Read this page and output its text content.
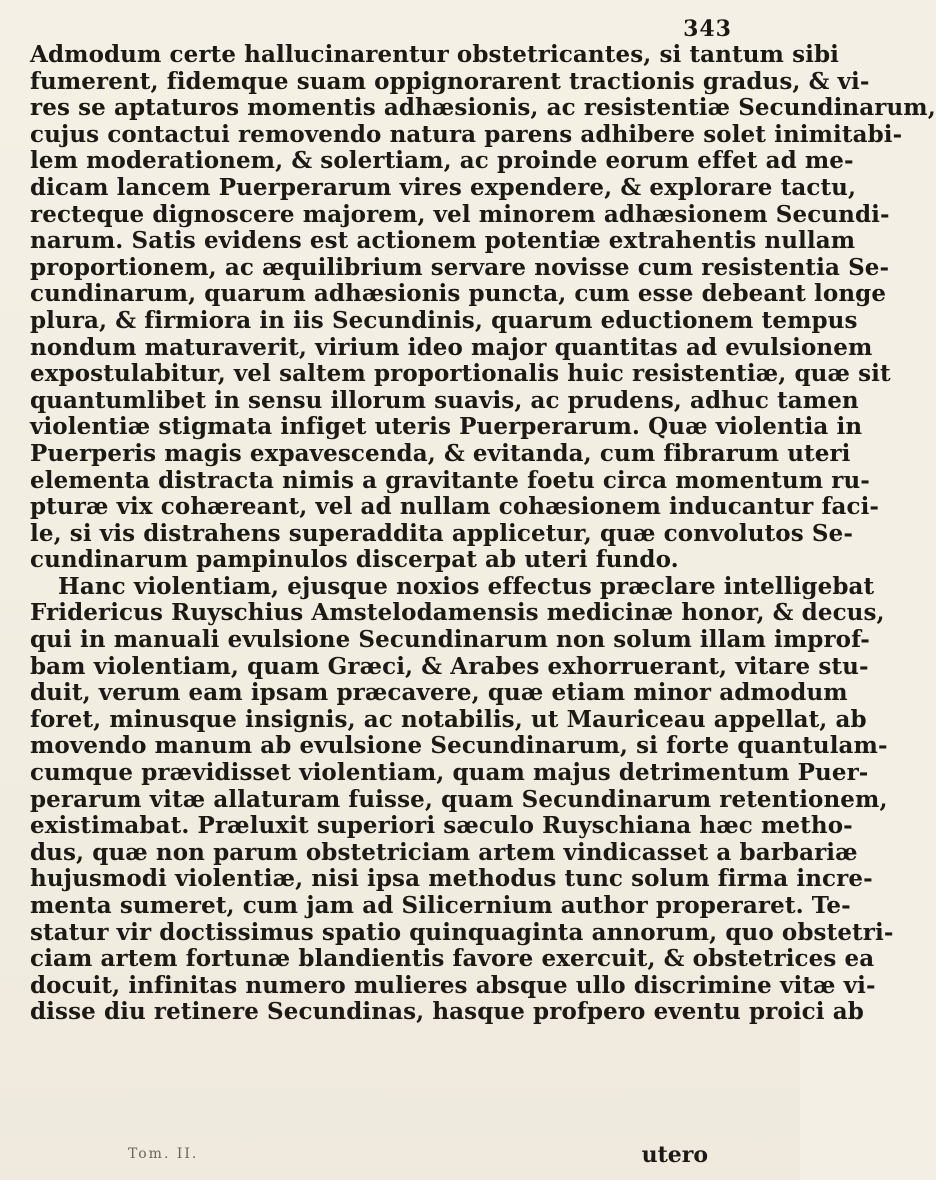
343
Admodum certe hallucinarentur obstetricantes, si tantum sibi
fumerent, fidemque suam oppignorarent tractionis gradus, & vi-
res se aptaturos momentis adhæsionis, ac resistentiæ Secundinarum,
cujus contactui removendo natura parens adhibere solet inimitabi-
lem moderationem, & solertiam, ac proinde eorum effet ad me-
dicam lancem Puerperarum vires expendere, & explorare tactu,
recteque dignoscere majorem, vel minorem adhæsionem Secundi-
narum. Satis evidens est actionem potentiæ extrahentis nullam
proportionem, ac æquilibrium servare novisse cum resistentia Se-
cundinarum, quarum adhæsionis puncta, cum esse debeant longe
plura, & firmiora in iis Secundinis, quarum eductionem tempus
nondum maturaverit, virium ideo major quantitas ad evulsionem
expostulabitur, vel saltem proportionalis huic resistentiæ, quæ sit
quantumlibet in sensu illorum suavis, ac prudens, adhuc tamen
violentiæ stigmata infiget uteris Puerperarum. Quæ violentia in
Puerperis magis expavescenda, & evitanda, cum fibrarum uteri
elementa distracta nimis a gravitante foetu circa momentum ru-
pturæ vix cohæreant, vel ad nullam cohæsionem inducantur faci-
le, si vis distrahens superaddita applicetur, quæ convolutos Se-
cundinarum pampinulos discerpat ab uteri fundo.
Hanc violentiam, ejusque noxios effectus præclare intelligebat
Fridericus Ruyschius Amstelodamensis medicinæ honor, & decus,
qui in manuali evulsione Secundinarum non solum illam improf-
bam violentiam, quam Græci, & Arabes exhorruerant, vitare stu-
duit, verum eam ipsam præcavere, quæ etiam minor admodum
foret, minusque insignis, ac notabilis, ut Mauriceau appellat, ab
movendo manum ab evulsione Secundinarum, si forte quantulam-
cumque prævidisset violentiam, quam majus detrimentum Puer-
perarum vitæ allaturam fuisse, quam Secundinarum retentionem,
existimabat. Præluxit superiori sæculo Ruyschiana hæc metho-
dus, quæ non parum obstetriciam artem vindicasset a barbariæ
hujusmodi violentiæ, nisi ipsa methodus tunc solum firma incre-
menta sumeret, cum jam ad Silicernium author properaret. Te-
statur vir doctissimus spatio quinquaginta annorum, quo obstetri-
ciam artem fortunæ blandientis favore exercuit, & obstetrices ea
docuit, infinitas numero mulieres absque ullo discrimine vitæ vi-
disse diu retinere Secundinas, hasque profpero eventu proici ab
Tom. II.	utero
